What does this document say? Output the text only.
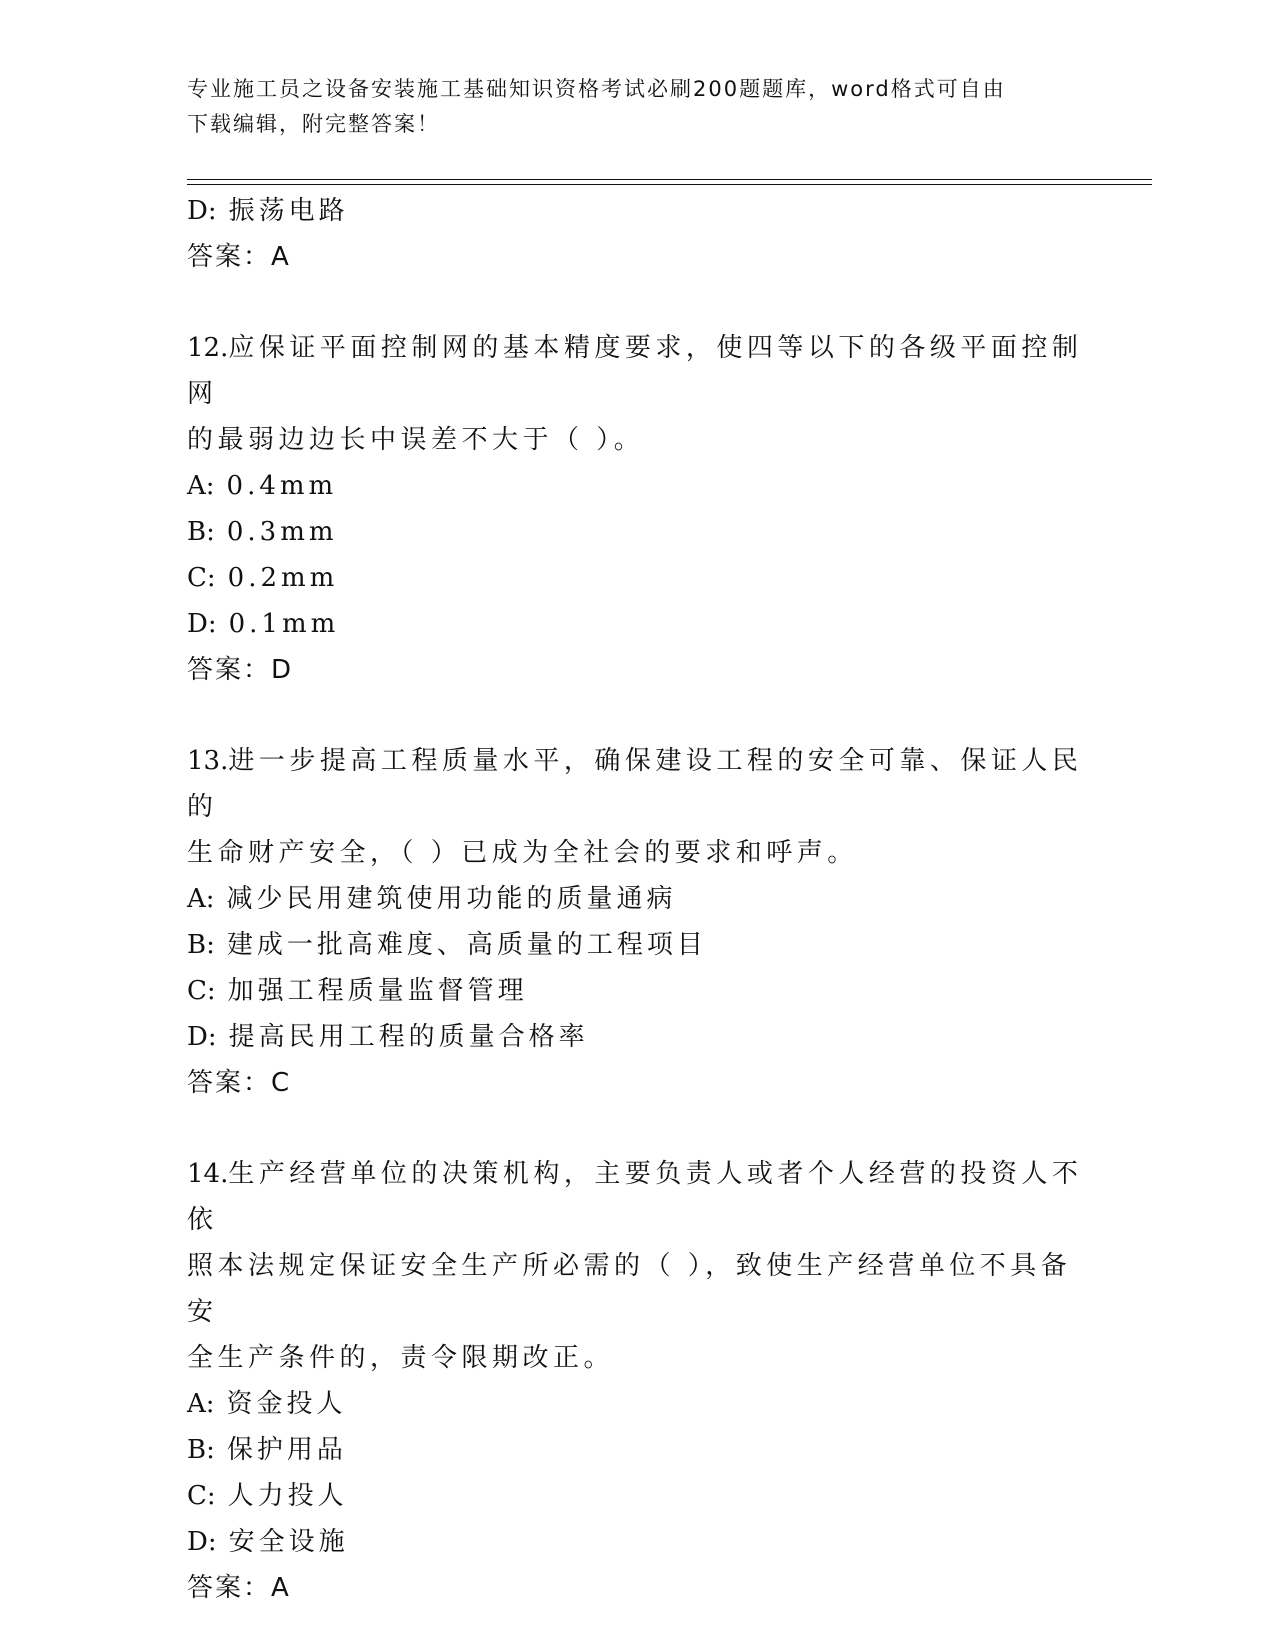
专业施工员之设备安装施工基础知识资格考试必刷200题题库，word格式可自由
下载编辑，附完整答案！
D: 振荡电路
答案：A
12.应保证平面控制网的基本精度要求，使四等以下的各级平面控制网
的最弱边边长中误差不大于（ ）。
A: 0.4mm
B: 0.3mm
C: 0.2mm
D: 0.1mm
答案：D
13.进一步提高工程质量水平，确保建设工程的安全可靠、保证人民的
生命财产安全，（ ）已成为全社会的要求和呼声。
A: 减少民用建筑使用功能的质量通病
B: 建成一批高难度、高质量的工程项目
C: 加强工程质量监督管理
D: 提高民用工程的质量合格率
答案：C
14.生产经营单位的决策机构，主要负责人或者个人经营的投资人不依
照本法规定保证安全生产所必需的（ ），致使生产经营单位不具备安
全生产条件的，责令限期改正。
A: 资金投人
B: 保护用品
C: 人力投人
D: 安全设施
答案：A
